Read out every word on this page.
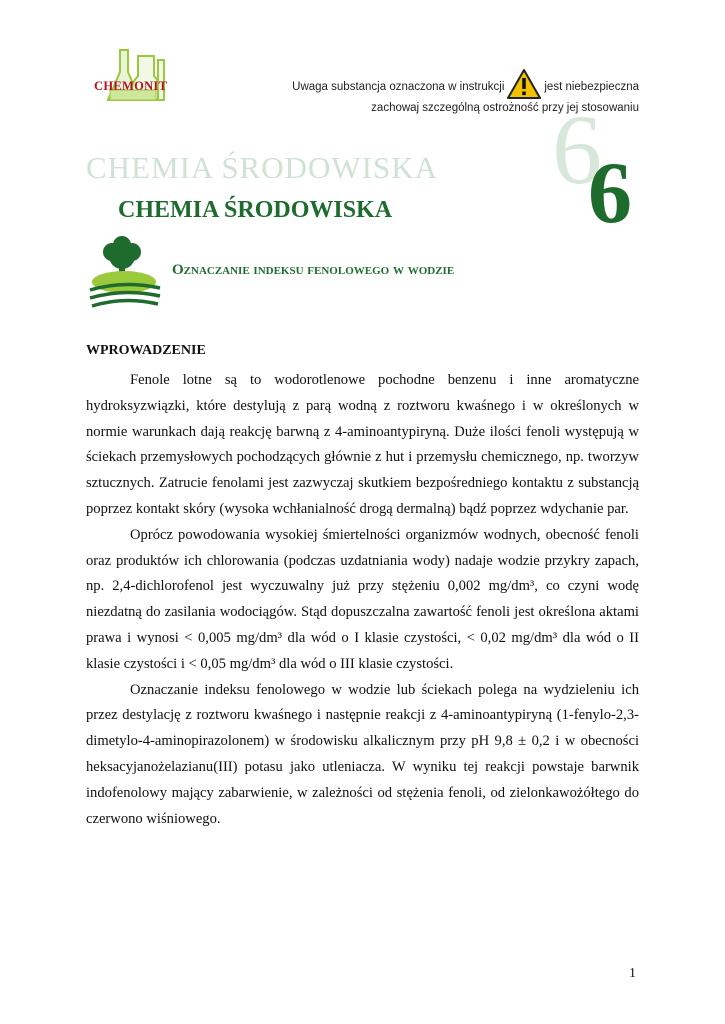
CHEMONIT	Uwaga substancja oznaczona w instrukcji	jest niebezpieczna
zachowaj szczególną ostrożność przy jej stosowaniu
6
CHEMIA ŚRODOWISKA
CHEMIA ŚRODOWISKA 6
Oznaczanie indeksu fenolowego w wodzie
WPROWADZENIE

Fenole lotne są to wodorotlenowe pochodne benzenu i inne aromatyczne hydroksyzwiązki, które destylują z parą wodną z roztworu kwaśnego i w określonych w normie warunkach dają reakcję barwną z 4-aminoantypiryną. Duże ilości fenoli występują w ściekach przemysłowych pochodzących głównie z hut i przemysłu chemicznego, np. tworzyw sztucznych. Zatrucie fenolami jest zazwyczaj skutkiem bezpośredniego kontaktu z substancją poprzez kontakt skóry (wysoka wchłanialność drogą dermalną) bądź poprzez wdychanie par.

Oprócz powodowania wysokiej śmiertelności organizmów wodnych, obecność fenoli oraz produktów ich chlorowania (podczas uzdatniania wody) nadaje wodzie przykry zapach, np. 2,4-dichlorofenol jest wyczuwalny już przy stężeniu 0,002 mg/dm³, co czyni wodę niezdatną do zasilania wodociągów. Stąd dopuszczalna zawartość fenoli jest określona aktami prawa i wynosi < 0,005 mg/dm³ dla wód o I klasie czystości, < 0,02 mg/dm³ dla wód o II klasie czystości i < 0,05 mg/dm³ dla wód o III klasie czystości.

Oznaczanie indeksu fenolowego w wodzie lub ściekach polega na wydzieleniu ich przez destylację z roztworu kwaśnego i następnie reakcji z 4-aminoantypiryną (1-fenylo-2,3-dimetylo-4-aminopirazolonem) w środowisku alkalicznym przy pH 9,8 ± 0,2 i w obecności heksacyjanożelazianu(III) potasu jako utleniacza. W wyniku tej reakcji powstaje barwnik indofenolowy mający zabarwienie, w zależności od stężenia fenoli, od zielonkawożółtego do czerwono wiśniowego.

1
